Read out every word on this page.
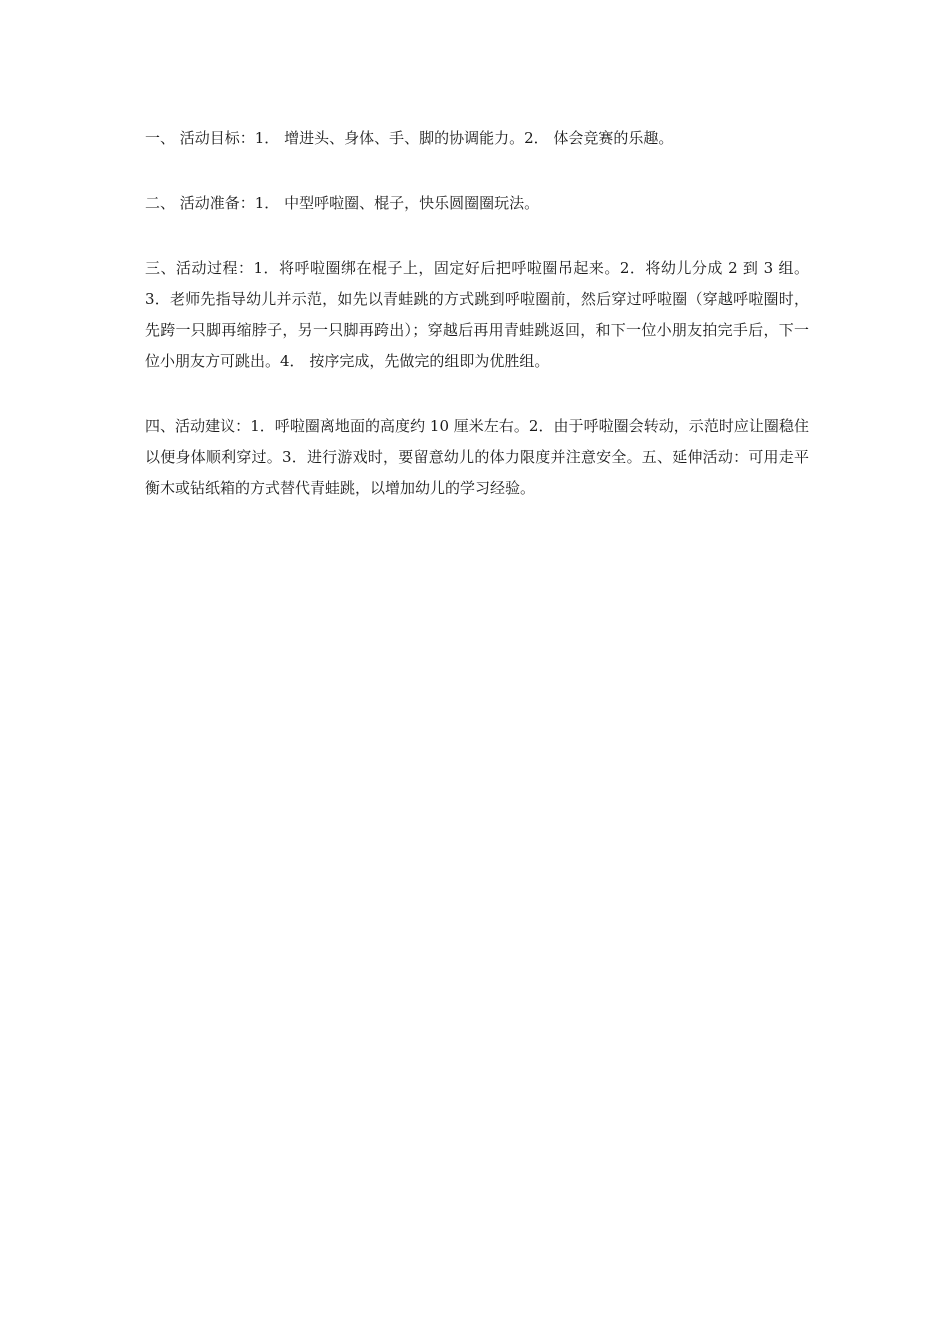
一、 活动目标：1． 增进头、身体、手、脚的协调能力。2． 体会竞赛的乐趣。

二、 活动准备：1． 中型呼啦圈、棍子，快乐圆圈圈玩法。

三、活动过程：1．将呼啦圈绑在棍子上，固定好后把呼啦圈吊起来。2．将幼儿分成 2 到 3 组。3．老师先指导幼儿并示范，如先以青蛙跳的方式跳到呼啦圈前，然后穿过呼啦圈（穿越呼啦圈时，先跨一只脚再缩脖子，另一只脚再跨出）；穿越后再用青蛙跳返回，和下一位小朋友拍完手后，下一位小朋友方可跳出。4． 按序完成，先做完的组即为优胜组。

四、活动建议：1．呼啦圈离地面的高度约 10 厘米左右。2．由于呼啦圈会转动，示范时应让圈稳住以便身体顺利穿过。3．进行游戏时，要留意幼儿的体力限度并注意安全。五、延伸活动：可用走平衡木或钻纸箱的方式替代青蛙跳，以增加幼儿的学习经验。
